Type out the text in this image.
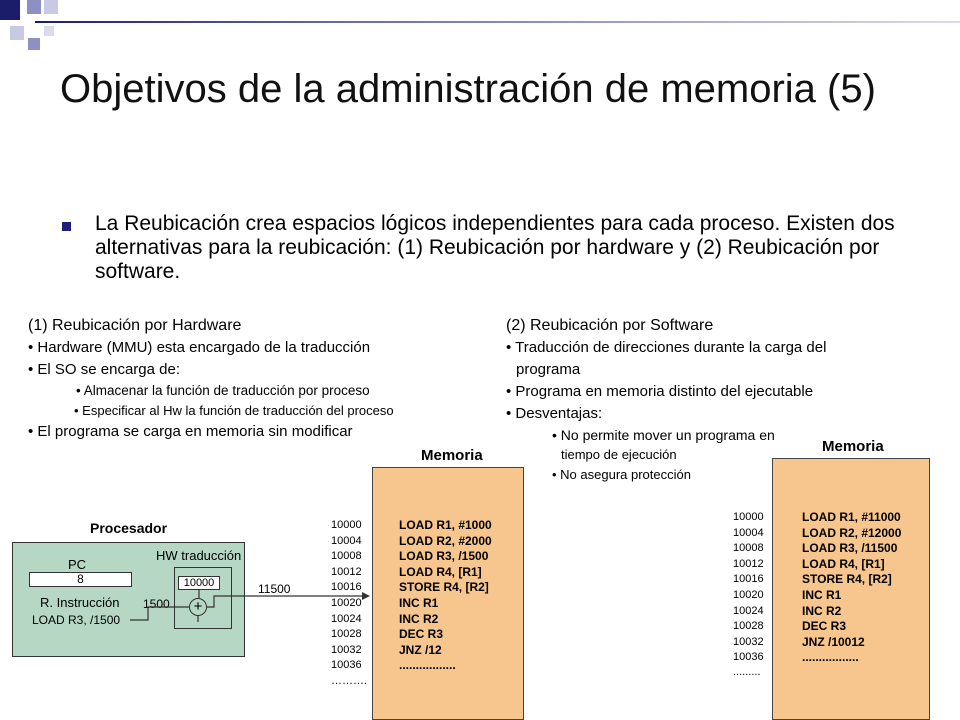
Objetivos de la administración de memoria (5)
La Reubicación crea espacios lógicos independientes para cada proceso. Existen dos alternativas para la reubicación: (1) Reubicación por hardware y (2) Reubicación por software.
(1) Reubicación por Hardware
• Hardware (MMU) esta encargado de la traducción
• El SO se encarga de:
• Almacenar la función de traducción por proceso
• Especificar al Hw la función de traducción del proceso
• El programa se carga en memoria sin modificar
(2) Reubicación por Software
• Traducción de direcciones durante la carga del
programa
• Programa en memoria distinto del ejecutable
• Desventajas:
• No permite mover un programa en
tiempo de ejecución
• No asegura protección
Memoria
LOAD R1, #1000
LOAD R2, #2000
LOAD R3, /1500
LOAD R4, [R1]
STORE R4, [R2]
INC R1
INC R2
DEC R3
JNZ /12
.................
10000
10004
10008
10012
10016
10020
10024
10028
10032
10036
……….
Memoria
LOAD R1, #11000
LOAD R2, #12000
LOAD R3, /11500
LOAD R4, [R1]
STORE R4, [R2]
INC R1
INC R2
DEC R3
JNZ /10012
.................
10000
10004
10008
10012
10016
10020
10024
10028
10032
10036
.........
Procesador
PC
8
R. Instrucción
LOAD R3, /1500
HW traducción
10000
1500
11500
+
